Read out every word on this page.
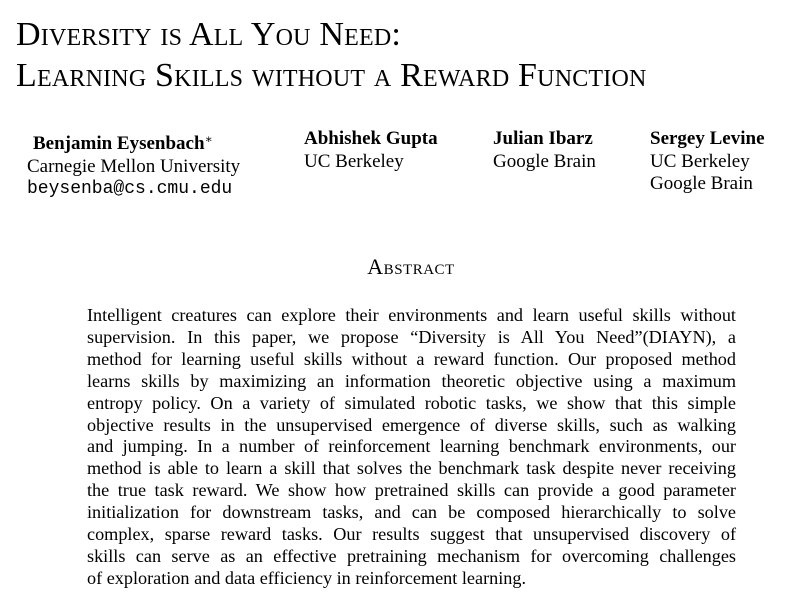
Diversity is All You Need:
Learning Skills without a Reward Function
Benjamin Eysenbach∗
Carnegie Mellon University
beysenba@cs.cmu.edu
Abhishek Gupta
UC Berkeley
Julian Ibarz
Google Brain
Sergey Levine
UC Berkeley
Google Brain
Abstract
Intelligent creatures can explore their environments and learn useful skills without
supervision. In this paper, we propose “Diversity is All You Need”(DIAYN), a
method for learning useful skills without a reward function. Our proposed method
learns skills by maximizing an information theoretic objective using a maximum
entropy policy. On a variety of simulated robotic tasks, we show that this simple
objective results in the unsupervised emergence of diverse skills, such as walking
and jumping. In a number of reinforcement learning benchmark environments, our
method is able to learn a skill that solves the benchmark task despite never receiving
the true task reward. We show how pretrained skills can provide a good parameter
initialization for downstream tasks, and can be composed hierarchically to solve
complex, sparse reward tasks. Our results suggest that unsupervised discovery of
skills can serve as an effective pretraining mechanism for overcoming challenges
of exploration and data efficiency in reinforcement learning.
